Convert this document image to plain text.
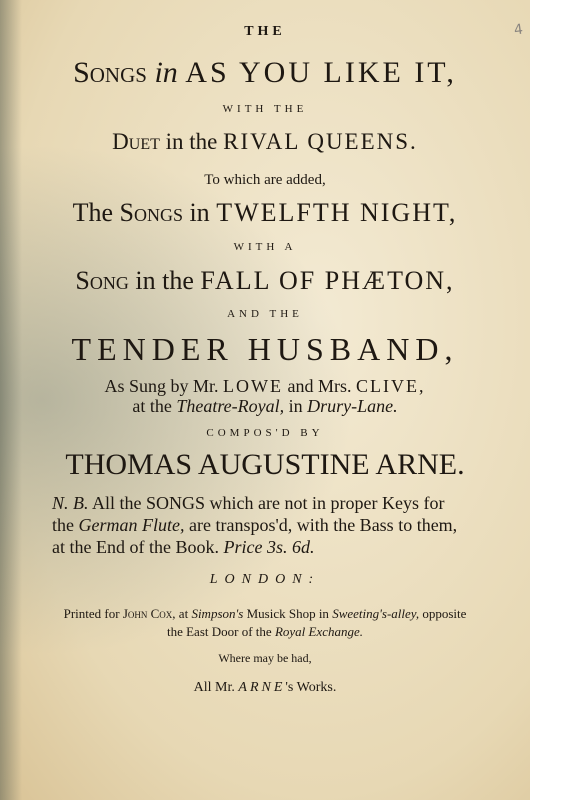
4
THE
Songs in AS YOU LIKE IT,
WITH THE
Duet in the RIVAL QUEENS.
To which are added,
The Songs in TWELFTH NIGHT,
WITH A
Song in the FALL OF PHÆTON,
AND THE
TENDER HUSBAND,
As Sung by Mr. LOWE and Mrs. CLIVE,
at the Theatre-Royal, in Drury-Lane.
COMPOS'D BY
THOMAS AUGUSTINE ARNE.
N. B. All the SONGS which are not in proper Keys for
the German Flute, are transpos'd, with the Bass to them,
at the End of the Book. Price 3s. 6d.
LONDON:
Printed for John Cox, at Simpson's Musick Shop in Sweeting's-alley, opposite
the East Door of the Royal Exchange.
Where may be had,
All Mr. ARNE's Works.
